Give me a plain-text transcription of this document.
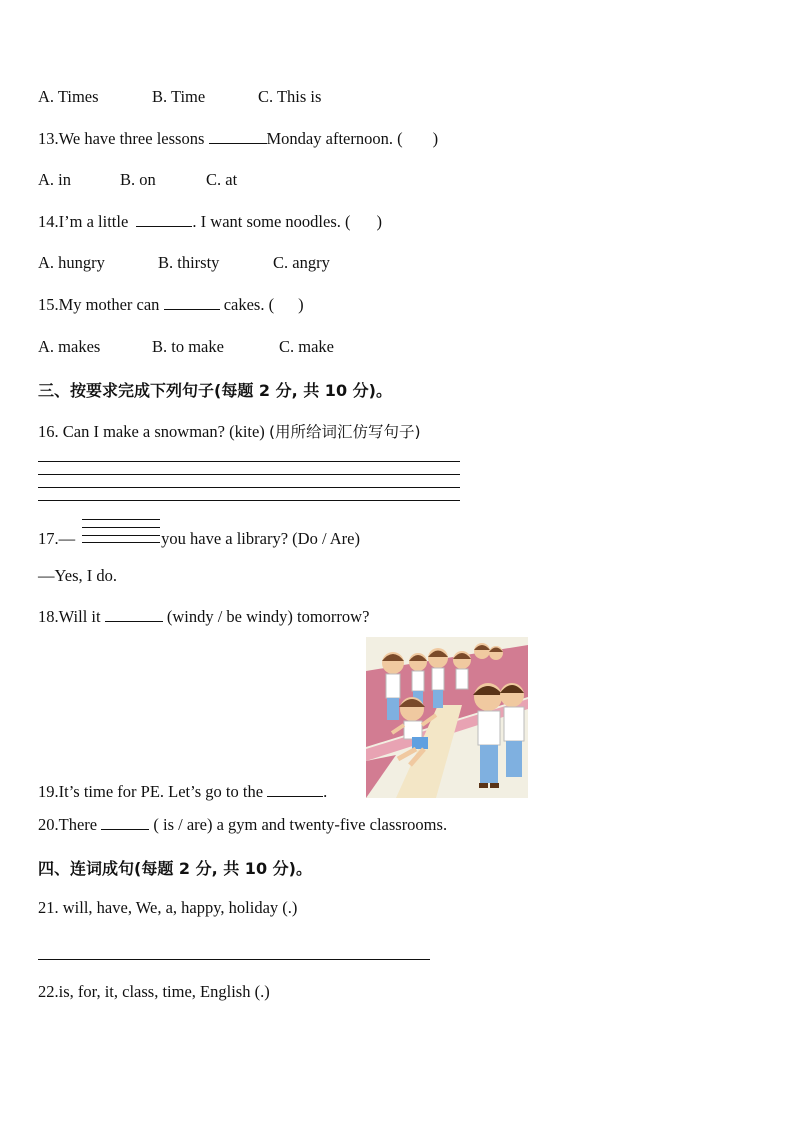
A. Times	B. Time	C. This is
13.We have three lessons	Monday afternoon. ( )
A. in	B. on	C. at
14.I’m a little	. I want some noodles. ( )
A. hungry	B. thirsty	C. angry
15.My mother can	cakes. ( )
A. makes	B. to make	C. make
三、按要求完成下列句子(每题 2 分, 共 10 分)。
16. Can I make a snowman? (kite) (用所给词汇仿写句子)
17.—	you have a library? (Do / Are)
—Yes, I do.
18.Will it	(windy / be windy) tomorrow?
19.It’s time for PE. Let’s go to the	.
20.There	( is / are) a gym and twenty-five classrooms.
四、连词成句(每题 2 分, 共 10 分)。
21. will, have, We, a, happy, holiday (.)
22.is, for, it, class, time, English (.)
